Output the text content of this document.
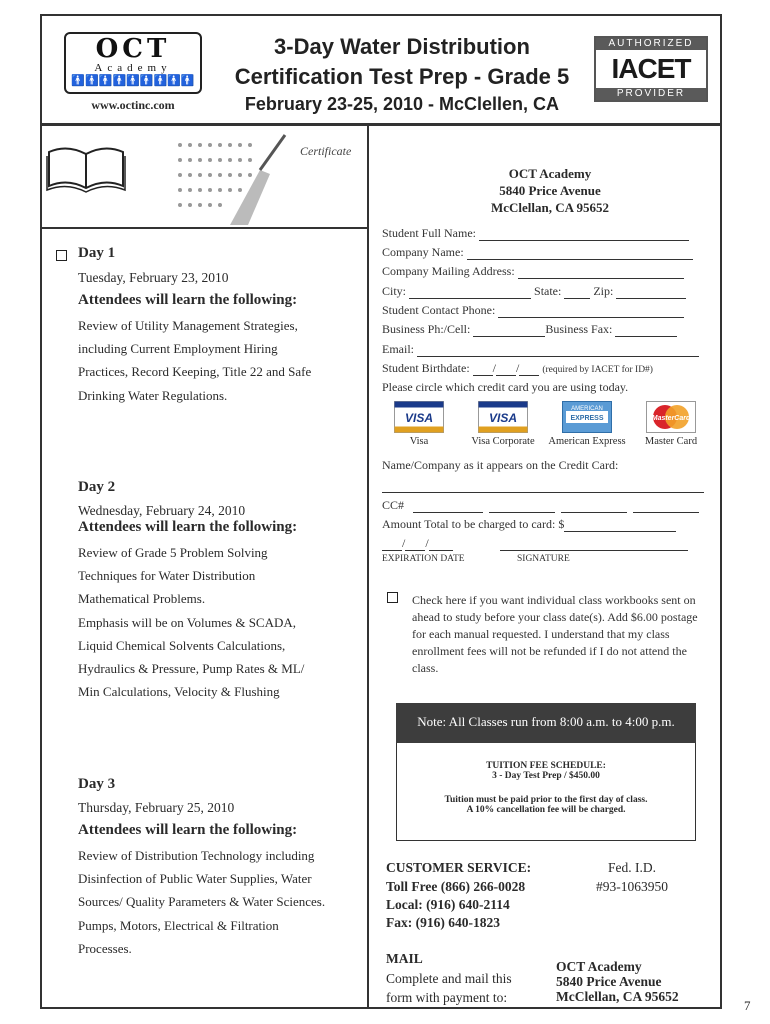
OCT
Academy
🚹🚹🚹🚹🚹🚹🚹🚹🚹
www.octinc.com
3-Day Water Distribution
Certification Test Prep - Grade 5
February 23-25, 2010 - McClellen, CA
AUTHORIZED
IACET
PROVIDER
Certificate
OCT Academy
5840 Price Avenue
McClellan, CA 95652
Student Full Name:
Company Name:
Company Mailing Address:
City:	State:	Zip:
Student Contact Phone:
Business Ph:/Cell:	Business Fax:
Email:
Student Birthdate: / / (required by IACET for ID#)
Please circle which credit card you are using today.
VISA	VISA
AMERICAN
EXPRESS	MasterCard
Visa	Visa Corporate	American Express	Master Card
Name/Company as it appears on the Credit Card:
CC#
Amount Total to be charged to card: $
/ /
EXPIRATION DATE	SIGNATURE
Check here if you want individual class workbooks sent on ahead to study before your class date(s). Add $6.00 postage for each manual requested. I understand that my class enrollment fees will not be refunded if I do not attend the class.
Note: All Classes run from 8:00 a.m. to 4:00 p.m.
TUITION FEE SCHEDULE:
3 - Day Test Prep / $450.00
Tuition must be paid prior to the first day of class.
A 10% cancellation fee will be charged.
CUSTOMER SERVICE:
Toll Free (866) 266-0028
Local: (916) 640-2114
Fax: (916) 640-1823
Fed. I.D.
#93-1063950
MAIL
Complete and mail this
form with payment to:
OCT Academy
5840 Price Avenue
McClellan, CA 95652
Day 1
Tuesday, February 23, 2010
Attendees will learn the following:
Review of Utility Management Strategies,
including Current Employment Hiring
Practices, Record Keeping, Title 22 and Safe
Drinking Water Regulations.
Day 2
Wednesday, February 24, 2010
Attendees will learn the following:
Review of Grade 5 Problem Solving
Techniques for Water Distribution
Mathematical Problems.
Emphasis will be on Volumes & SCADA,
Liquid Chemical Solvents Calculations,
Hydraulics & Pressure, Pump Rates & ML/
Min Calculations, Velocity & Flushing
Day 3
Thursday, February 25, 2010
Attendees will learn the following:
Review of Distribution Technology including
Disinfection of Public Water Supplies, Water
Sources/ Quality Parameters & Water Sciences.
Pumps, Motors, Electrical & Filtration
Processes.
7
